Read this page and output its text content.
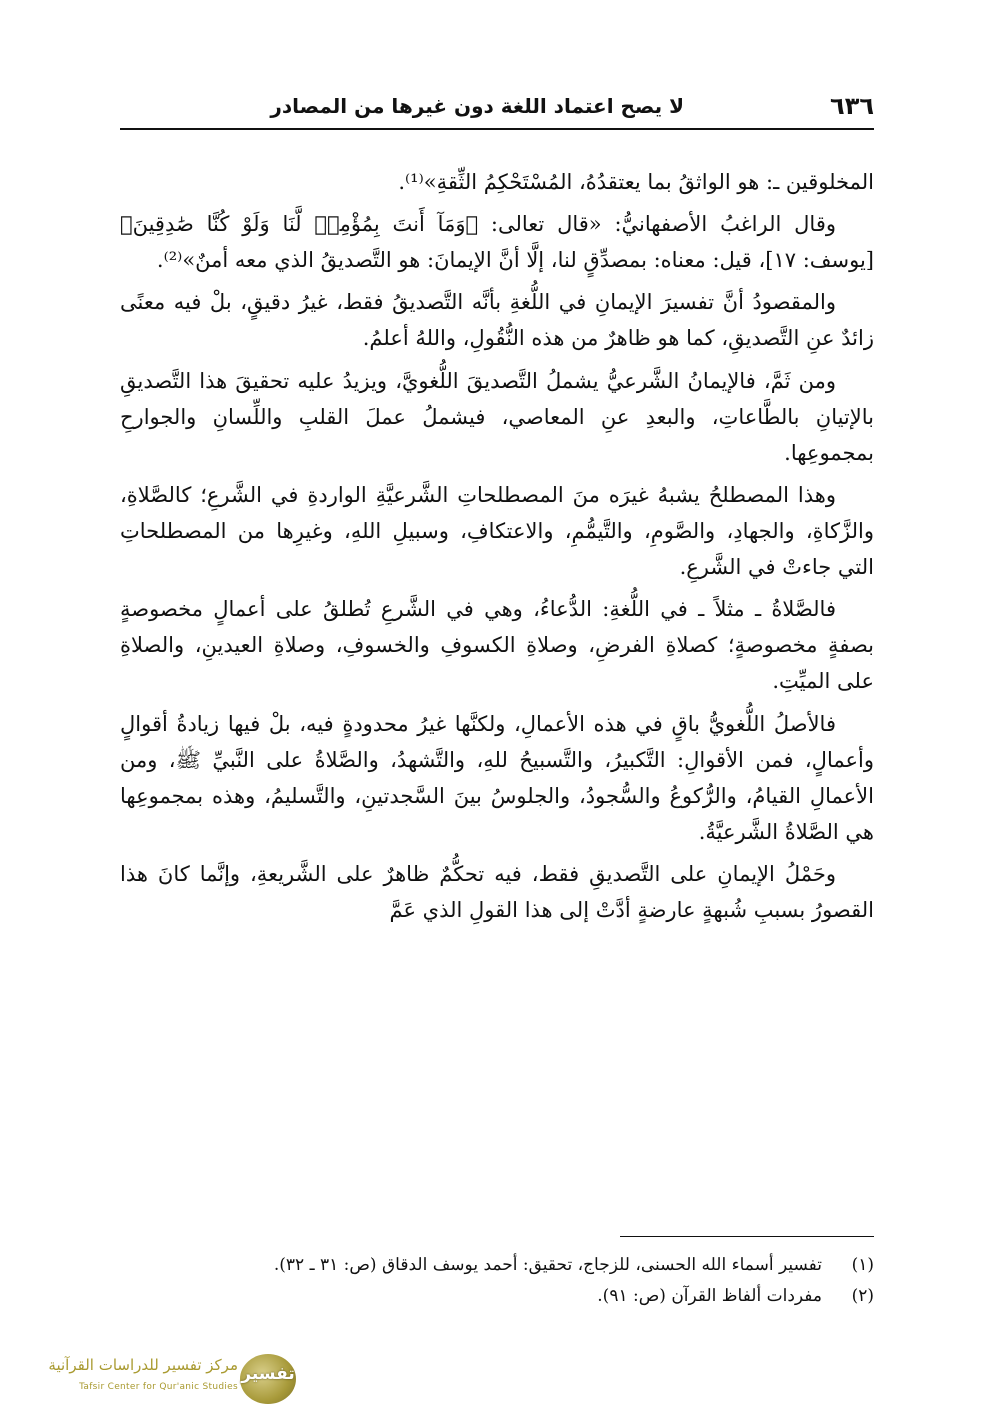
٦٣٦
لا يصح اعتماد اللغة دون غيرها من المصادر

المخلوقين ـ: هو الواثقُ بما يعتقدُهُ، المُسْتَحْكِمُ الثِّقةِ»⁽¹⁾.

وقال الراغبُ الأصفهانيُّ: «قال تعالى: ﴿وَمَآ أَنتَ بِمُؤْمِنٖ لَّنَا وَلَوْ كُنَّا صَٰدِقِينَ﴾ [يوسف: ١٧]، قيل: معناه: بمصدِّقٍ لنا، إلَّا أنَّ الإيمانَ: هو التَّصديقُ الذي معه أمنٌ»⁽²⁾.

والمقصودُ أنَّ تفسيرَ الإيمانِ في اللُّغةِ بأنَّه التَّصديقُ فقط، غيرُ دقيقٍ، بلْ فيه معنًى زائدٌ عنِ التَّصديقِ، كما هو ظاهرٌ من هذه النُّقُولِ، واللهُ أعلمُ.

ومن ثَمَّ، فالإيمانُ الشَّرعيُّ يشملُ التَّصديقَ اللُّغويَّ، ويزيدُ عليه تحقيقَ هذا التَّصديقِ بالإتيانِ بالطَّاعاتِ، والبعدِ عنِ المعاصي، فيشملُ عملَ القلبِ واللِّسانِ والجوارحِ بمجموعِها.

وهذا المصطلحُ يشبهُ غيرَه منَ المصطلحاتِ الشَّرعيَّةِ الواردةِ في الشَّرعِ؛ كالصَّلاةِ، والزَّكاةِ، والجهادِ، والصَّومِ، والتَّيمُّمِ، والاعتكافِ، وسبيلِ اللهِ، وغيرِها من المصطلحاتِ التي جاءتْ في الشَّرعِ.

فالصَّلاةُ ـ مثلاً ـ في اللُّغةِ: الدُّعاءُ، وهي في الشَّرعِ تُطلقُ على أعمالٍ مخصوصةٍ بصفةٍ مخصوصةٍ؛ كصلاةِ الفرضِ، وصلاةِ الكسوفِ والخسوفِ، وصلاةِ العيدينِ، والصلاةِ على الميِّتِ.

فالأصلُ اللُّغويُّ باقٍ في هذه الأعمالِ، ولكنَّها غيرُ محدودةٍ فيه، بلْ فيها زيادةُ أقوالٍ وأعمالٍ، فمن الأقوالِ: التَّكبيرُ، والتَّسبيحُ للهِ، والتَّشهدُ، والصَّلاةُ على النَّبيِّ ﷺ، ومن الأعمالِ القيامُ، والرُّكوعُ والسُّجودُ، والجلوسُ بينَ السَّجدتينِ، والتَّسليمُ، وهذه بمجموعِها هي الصَّلاةُ الشَّرعيَّةُ.

وحَمْلُ الإيمانِ على التَّصديقِ فقط، فيه تحكُّمٌ ظاهرٌ على الشَّريعةِ، وإنَّما كانَ هذا القصورُ بسببِ شُبهةٍ عارضةٍ أدَّتْ إلى هذا القولِ الذي عَمَّ

(١)
تفسير أسماء الله الحسنى، للزجاج، تحقيق: أحمد يوسف الدقاق (ص: ٣١ ـ ٣٢).
(٢)
مفردات ألفاظ القرآن (ص: ٩١).
تفسير
مركز تفسير للدراسات القرآنية
Tafsir Center for Qur'anic Studies
